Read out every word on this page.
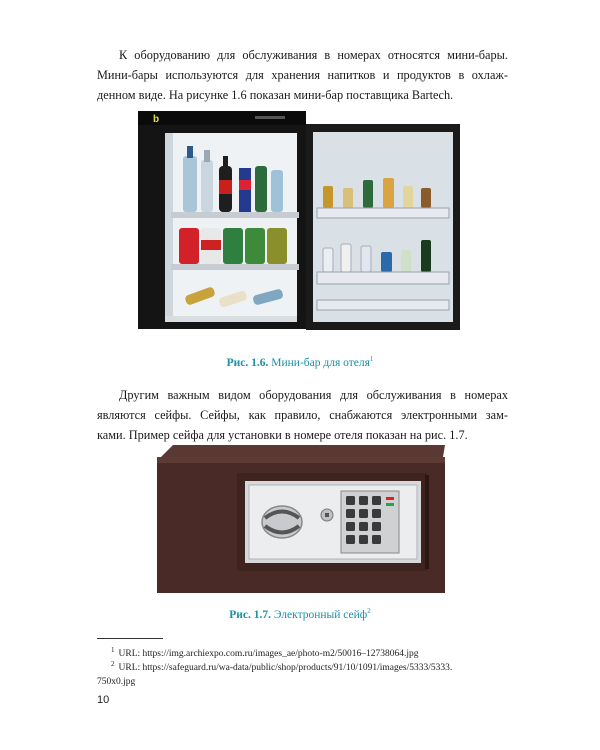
К оборудованию для обслуживания в номерах относятся мини-бары.
Мини-бары используются для хранения напитков и продуктов в охлаж-
денном виде. На рисунке 1.6 показан мини-бар поставщика Bartech.
b
Рис. 1.6. Мини-бар для отеля$^1$
Другим важным видом оборудования для обслуживания в номерах
являются сейфы. Сейфы, как правило, снабжаются электронными зам-
ками. Пример сейфа для установки в номере отеля показан на рис. 1.7.
Рис. 1.7. Электронный сейф$^2$
$^1$ URL: https://img.archiexpo.com.ru/images_ae/photo-m2/50016–12738064.jpg
$^2$ URL: https://safeguard.ru/wa-data/public/shop/products/91/10/1091/images/5333/5333.
750x0.jpg
10
